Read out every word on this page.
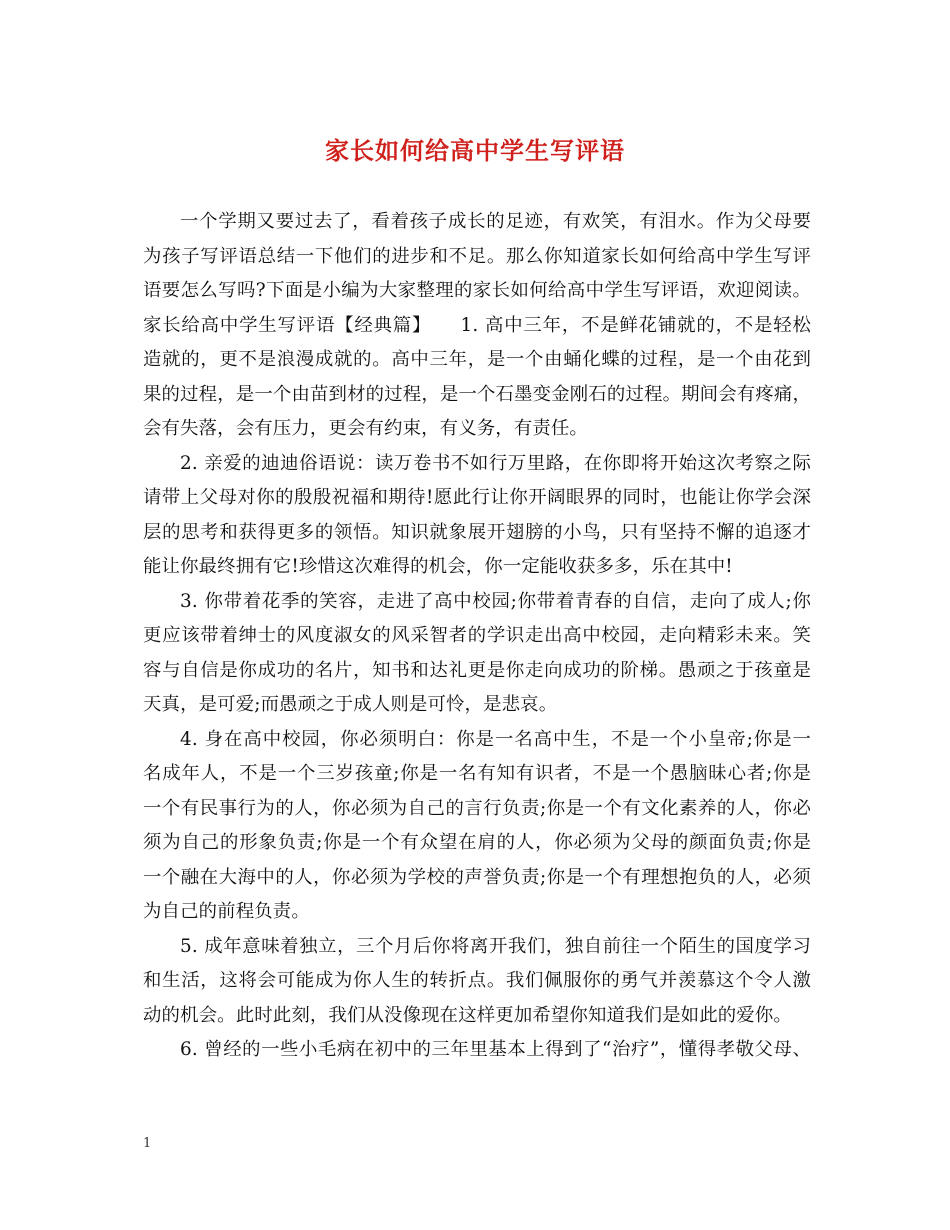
家长如何给高中学生写评语
一个学期又要过去了，看着孩子成长的足迹，有欢笑，有泪水。作为父母要
为孩子写评语总结一下他们的进步和不足。那么你知道家长如何给高中学生写评
语要怎么写吗?下面是小编为大家整理的家长如何给高中学生写评语，欢迎阅读。
家长给高中学生写评语【经典篇】　　1. 高中三年，不是鲜花铺就的，不是轻松
造就的，更不是浪漫成就的。高中三年，是一个由蛹化蝶的过程，是一个由花到
果的过程，是一个由苗到材的过程，是一个石墨变金刚石的过程。期间会有疼痛，
会有失落，会有压力，更会有约束，有义务，有责任。
2. 亲爱的迪迪俗语说：读万卷书不如行万里路，在你即将开始这次考察之际
请带上父母对你的殷殷祝福和期待!愿此行让你开阔眼界的同时，也能让你学会深
层的思考和获得更多的领悟。知识就象展开翅膀的小鸟，只有坚持不懈的追逐才
能让你最终拥有它!珍惜这次难得的机会，你一定能收获多多，乐在其中!
3. 你带着花季的笑容，走进了高中校园;你带着青春的自信，走向了成人;你
更应该带着绅士的风度淑女的风采智者的学识走出高中校园，走向精彩未来。笑
容与自信是你成功的名片，知书和达礼更是你走向成功的阶梯。愚顽之于孩童是
天真，是可爱;而愚顽之于成人则是可怜，是悲哀。
4. 身在高中校园，你必须明白：你是一名高中生，不是一个小皇帝;你是一
名成年人，不是一个三岁孩童;你是一名有知有识者，不是一个愚脑昧心者;你是
一个有民事行为的人，你必须为自己的言行负责;你是一个有文化素养的人，你必
须为自己的形象负责;你是一个有众望在肩的人，你必须为父母的颜面负责;你是
一个融在大海中的人，你必须为学校的声誉负责;你是一个有理想抱负的人，必须
为自己的前程负责。
5. 成年意味着独立，三个月后你将离开我们，独自前往一个陌生的国度学习
和生活，这将会可能成为你人生的转折点。我们佩服你的勇气并羡慕这个令人激
动的机会。此时此刻，我们从没像现在这样更加希望你知道我们是如此的爱你。
6. 曾经的一些小毛病在初中的三年里基本上得到了“治疗”，懂得孝敬父母、
1
